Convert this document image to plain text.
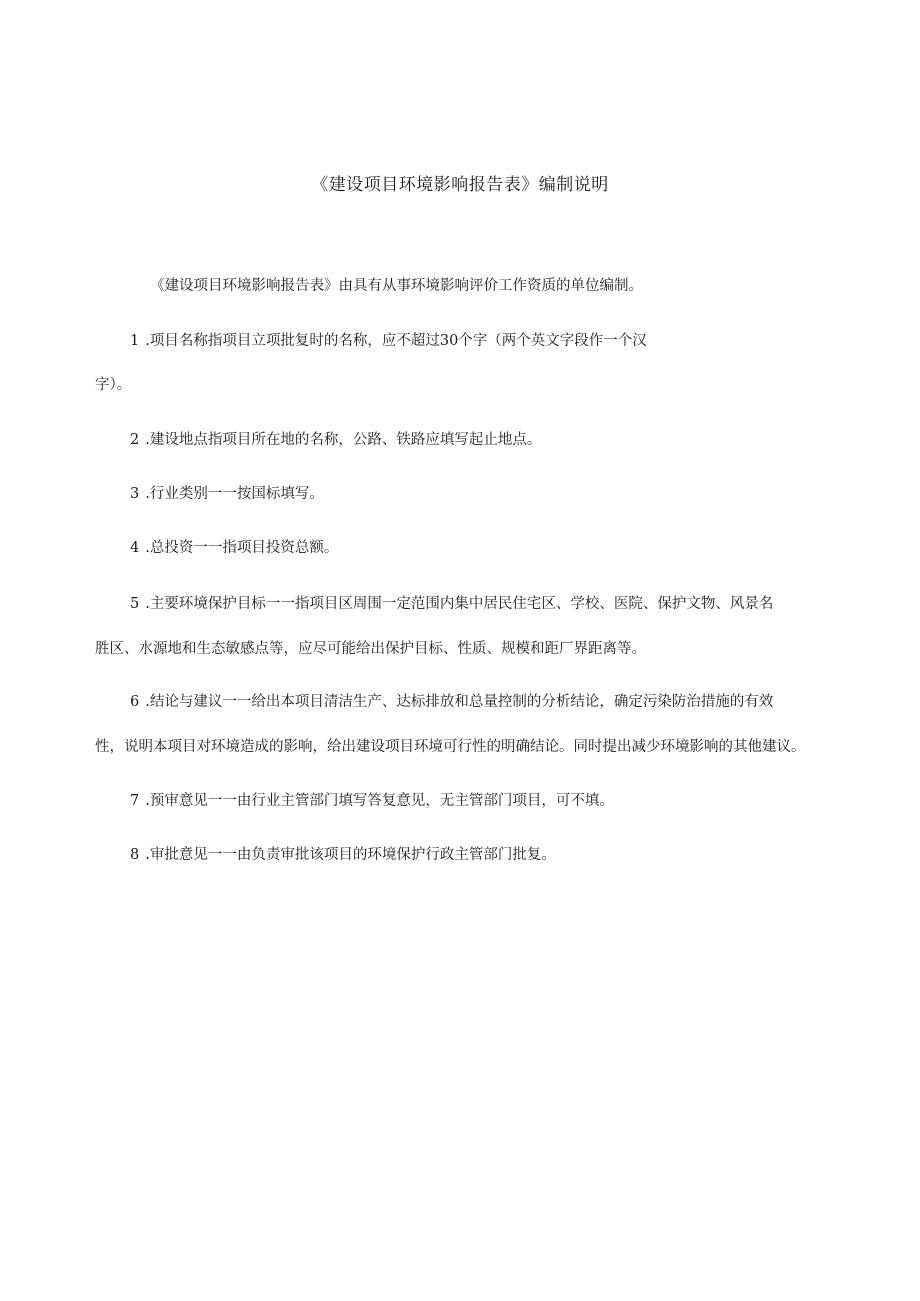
《建设项目环境影响报告表》编制说明
《建设项目环境影响报告表》由具有从事环境影响评价工作资质的单位编制。
1 .项目名称指项目立项批复时的名称，应不超过30个字（两个英文字段作一个汉
字）。
2 .建设地点指项目所在地的名称，公路、铁路应填写起止地点。
3 .行业类别一一按国标填写。
4 .总投资一一指项目投资总额。
5 .主要环境保护目标一一指项目区周围一定范围内集中居民住宅区、学校、医院、保护文物、风景名
胜区、水源地和生态敏感点等，应尽可能给出保护目标、性质、规模和距厂界距离等。
6 .结论与建议一一给出本项目清洁生产、达标排放和总量控制的分析结论，确定污染防治措施的有效
性，说明本项目对环境造成的影响，给出建设项目环境可行性的明确结论。同时提出减少环境影响的其他建议。
7 .预审意见一一由行业主管部门填写答复意见，无主管部门项目，可不填。
8 .审批意见一一由负责审批该项目的环境保护行政主管部门批复。
